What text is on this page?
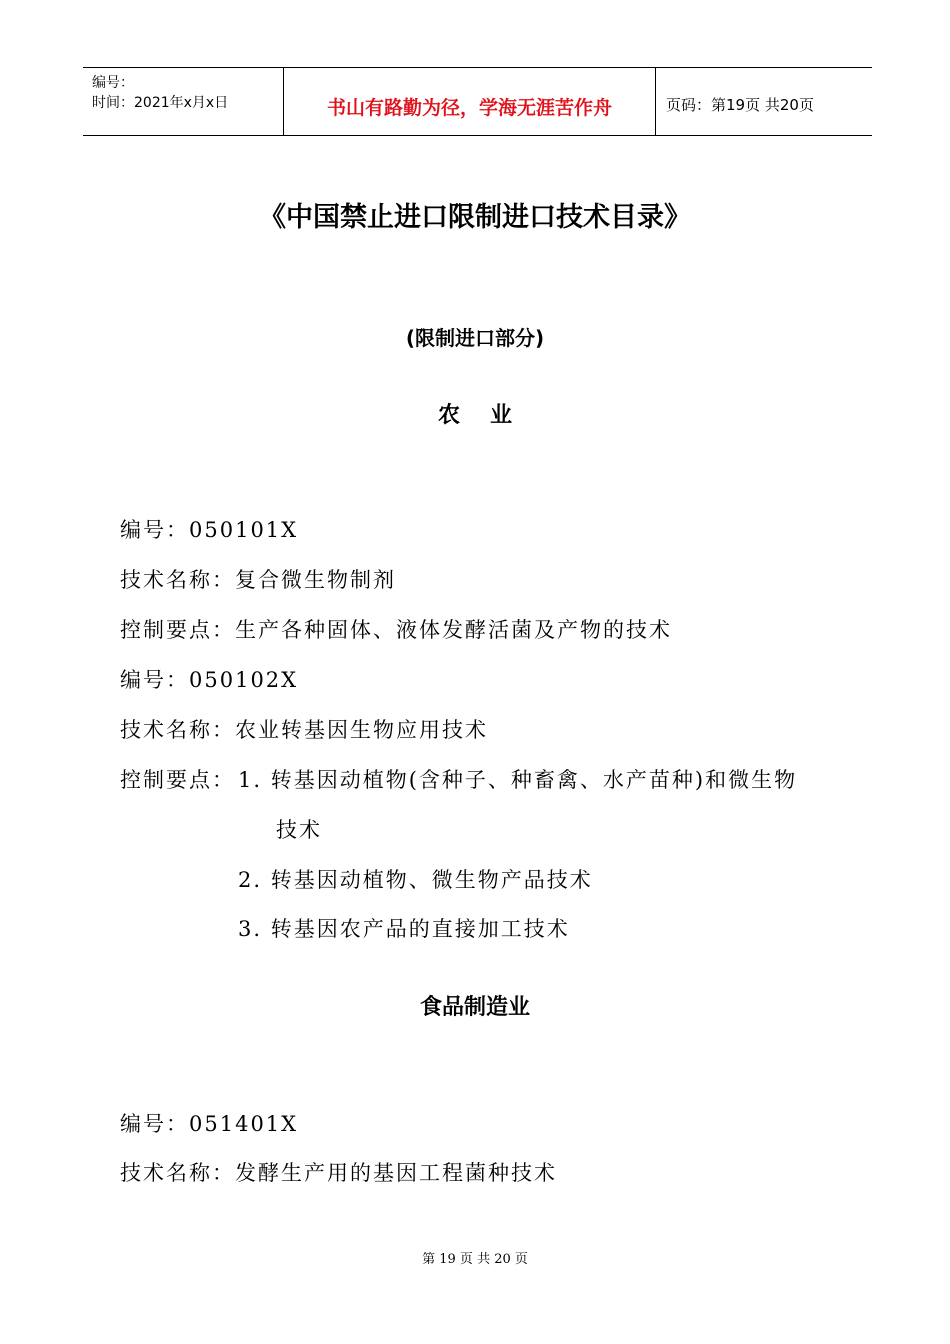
编号：
时间：2021年x月x日	书山有路勤为径，学海无涯苦作舟	页码：第19页 共20页
《中国禁止进口限制进口技术目录》
(限制进口部分)
农业
编号：050101X
技术名称：复合微生物制剂
控制要点：生产各种固体、液体发酵活菌及产物的技术
编号：050102X
技术名称：农业转基因生物应用技术
控制要点： 1. 转基因动植物(含种子、种畜禽、水产苗种)和微生物
技术
2. 转基因动植物、微生物产品技术
3. 转基因农产品的直接加工技术
食品制造业
编号：051401X
技术名称：发酵生产用的基因工程菌种技术
第 19 页 共 20 页
